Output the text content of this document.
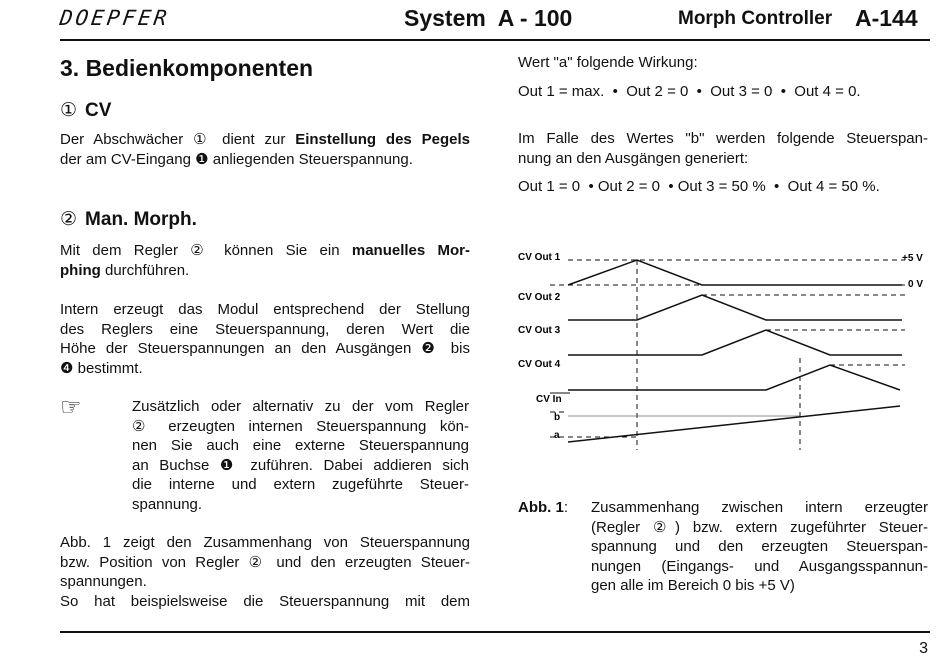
DOEPFER	System  A - 100	Morph Controller A-144
3. Bedienkomponenten
① CV
Der Abschwächer ① dient zur Einstellung des Pegels
der am CV-Eingang ❶ anliegenden Steuerspannung.
② Man. Morph.
Mit dem Regler ② können Sie ein manuelles Mor-
phing durchführen.
Intern erzeugt das Modul entsprechend der Stellung
des Reglers eine Steuerspannung, deren Wert die
Höhe der Steuerspannungen an den Ausgängen ❷ bis
❹ bestimmt.
☞	Zusätzlich oder alternativ zu der vom Regler
② erzeugten internen Steuerspannung kön-
nen Sie auch eine externe Steuerspannung
an Buchse ❶ zuführen. Dabei addieren sich
die interne und extern zugeführte Steuer-
spannung.
Abb. 1 zeigt den Zusammenhang von Steuerspannung
bzw. Position von Regler ② und den erzeugten Steuer-
spannungen.
So hat beispielsweise die Steuerspannung mit dem
Wert "a" folgende Wirkung:
Out 1 = max.  •  Out 2 = 0  •  Out 3 = 0  •  Out 4 = 0.
Im Falle des Wertes "b" werden folgende Steuerspan-
nung an den Ausgängen generiert:
Out 1 = 0  • Out 2 = 0  • Out 3 = 50 %  •  Out 4 = 50 %.
CV Out 1
CV Out 2
CV Out 3
CV Out 4
CV In
b
a
+5 V
0 V
Abb. 1: Zusammenhang zwischen intern erzeugter
(Regler ②) bzw. extern zugeführter Steuer-
spannung und den erzeugten Steuerspan-
nungen (Eingangs- und Ausgangsspannun-
gen alle im Bereich 0 bis +5 V)
3
